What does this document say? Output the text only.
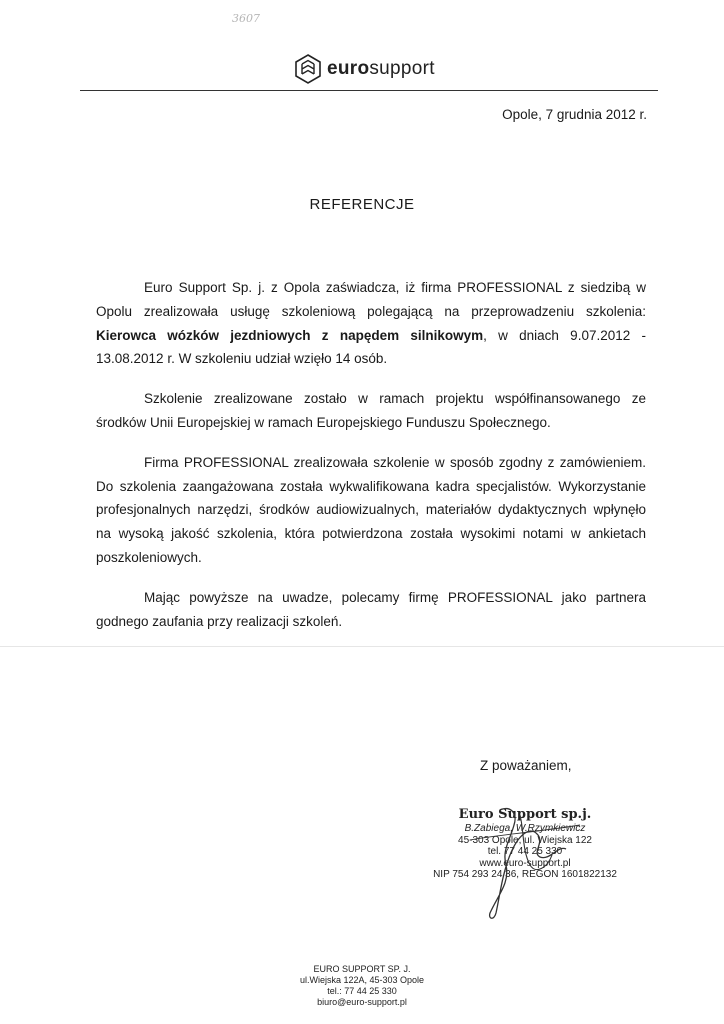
3607
eurosupport
Opole, 7 grudnia 2012 r.
REFERENCJE

Euro Support Sp. j. z Opola zaświadcza, iż firma PROFESSIONAL z siedzibą w Opolu zrealizowała usługę szkoleniową polegającą na przeprowadzeniu szkolenia: Kierowca wózków jezdniowych z napędem silnikowym, w dniach 9.07.2012 - 13.08.2012 r. W szkoleniu udział wzięło 14 osób.

Szkolenie zrealizowane zostało w ramach projektu współfinansowanego ze środków Unii Europejskiej w ramach Europejskiego Funduszu Społecznego.

Firma PROFESSIONAL zrealizowała szkolenie w sposób zgodny z zamówieniem. Do szkolenia zaangażowana została wykwalifikowana kadra specjalistów. Wykorzystanie profesjonalnych narzędzi, środków audiowizualnych, materiałów dydaktycznych wpłynęło na wysoką jakość szkolenia, która potwierdzona została wysokimi notami w ankietach poszkoleniowych.

Mając powyższe na uwadze, polecamy firmę PROFESSIONAL jako partnera godnego zaufania przy realizacji szkoleń.

Z poważaniem,
Euro Support sp.j.
B.Zabiega, W.Rzymkiewicz
45-303 Opole, ul. Wiejska 122
tel. 77 44 25 330
www.euro-support.pl
NIP 754 293 24 36, REGON 1601822132
EURO SUPPORT SP. J.
ul.Wiejska 122A, 45-303 Opole
tel.: 77 44 25 330
biuro@euro-support.pl
